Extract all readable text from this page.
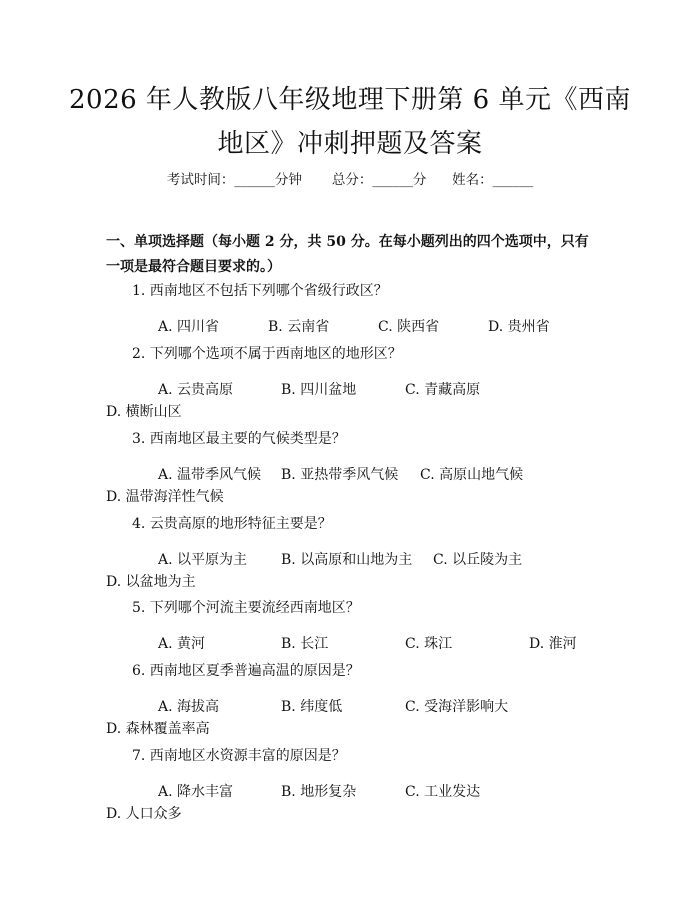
2026 年人教版八年级地理下册第 6 单元《西南地区》冲刺押题及答案
考试时间：______分钟 总分：______分 姓名：______
一、单项选择题（每小题 2 分，共 50 分。在每小题列出的四个选项中，只有一项是最符合题目要求的。）
1. 西南地区不包括下列哪个省级行政区？
A. 四川省	B. 云南省	C. 陕西省	D. 贵州省
2. 下列哪个选项不属于西南地区的地形区？
A. 云贵高原	B. 四川盆地	C. 青藏高原D. 横断山区
3. 西南地区最主要的气候类型是？
A. 温带季风气候 B. 亚热带季风气候 C. 高原山地气候D. 温带海洋性气候
4. 云贵高原的地形特征主要是？
A. 以平原为主 B. 以高原和山地为主 C. 以丘陵为主D. 以盆地为主
5. 下列哪个河流主要流经西南地区？
A. 黄河	B. 长江	C. 珠江	D. 淮河
6. 西南地区夏季普遍高温的原因是？
A. 海拔高	B. 纬度低	C. 受海洋影响大D. 森林覆盖率高
7. 西南地区水资源丰富的原因是？
A. 降水丰富	B. 地形复杂	C. 工业发达D. 人口众多
